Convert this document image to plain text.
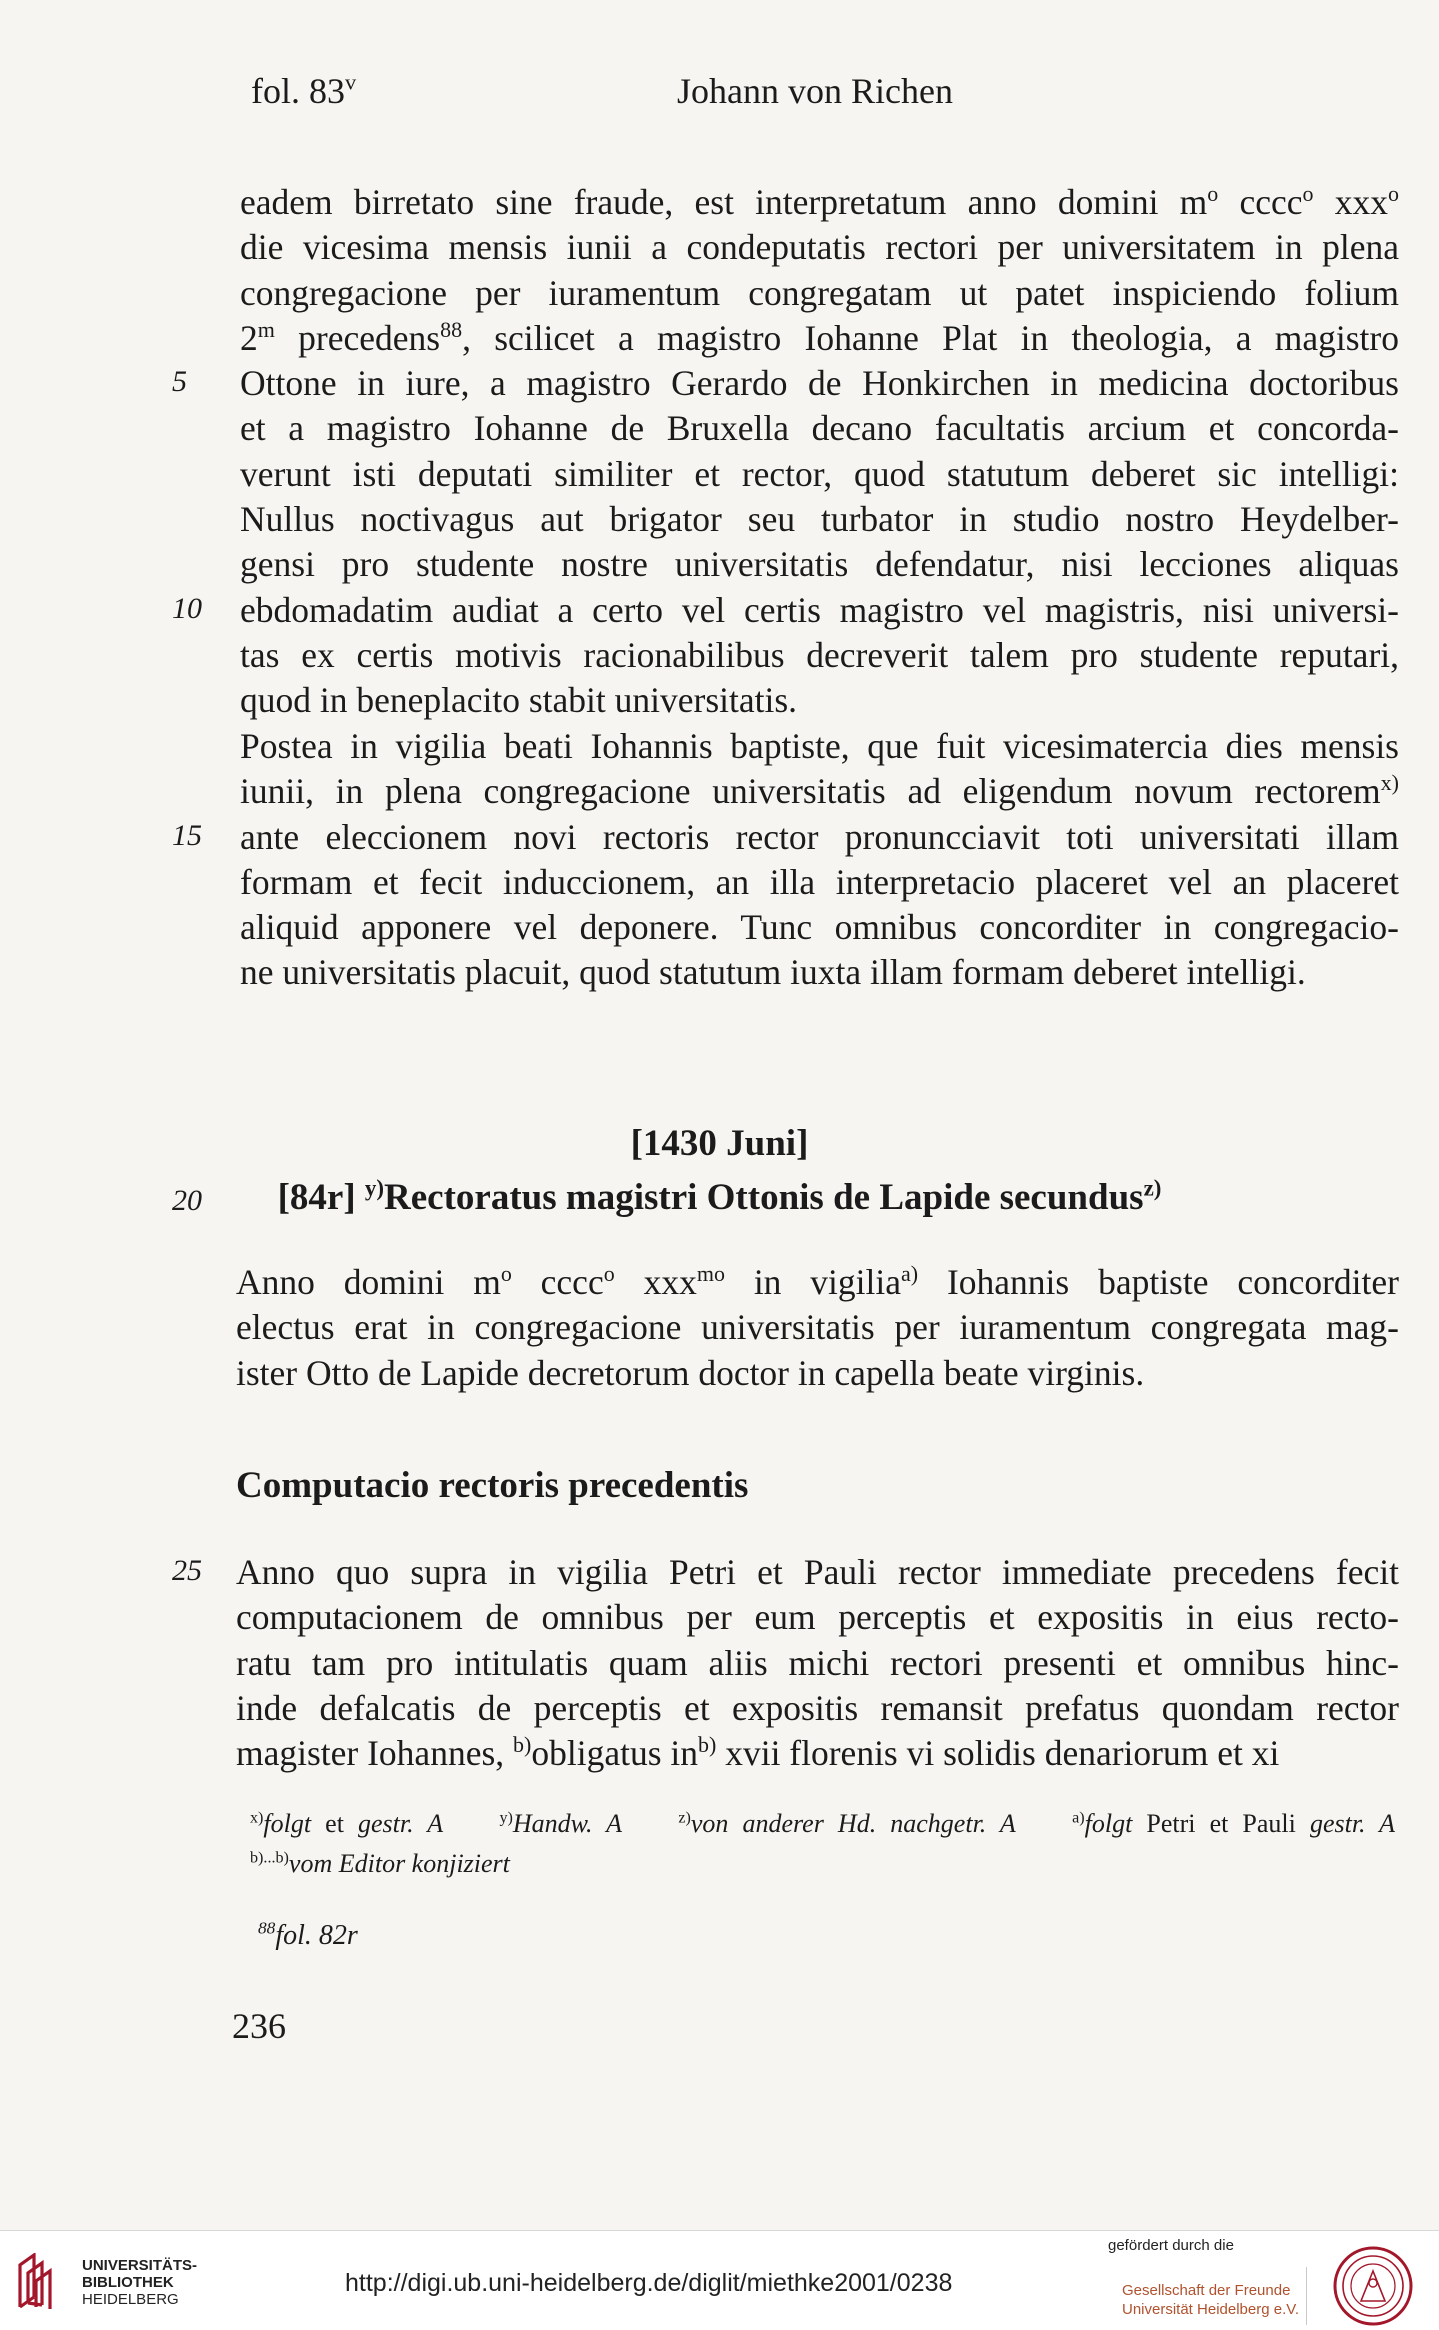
fol. 83$^v$	Johann von Richen
eadem birretato sine fraude, est interpretatum anno domini $m^o$ cccc$^o$ xxx$^o$
die vicesima mensis iunii a condeputatis rectori per universitatem in plena
congregacione per iuramentum congregatam ut patet inspiciendo folium
2$^m$ precedens$^{88}$, scilicet a magistro Iohanne Plat in theologia, a magistro
Ottone in iure, a magistro Gerardo de Honkirchen in medicina doctoribus
et a magistro Iohanne de Bruxella decano facultatis arcium et concorda-
verunt isti deputati similiter et rector, quod statutum deberet sic intelligi:
Nullus noctivagus aut brigator seu turbator in studio nostro Heydelber-
gensi pro studente nostre universitatis defendatur, nisi lecciones aliquas
ebdomadatim audiat a certo vel certis magistro vel magistris, nisi universi-
tas ex certis motivis racionabilibus decreverit talem pro studente reputari,
quod in beneplacito stabit universitatis.
Postea in vigilia beati Iohannis baptiste, que fuit vicesimatercia dies mensis
iunii, in plena congregacione universitatis ad eligendum novum rectorem$^{x)}$
ante eleccionem novi rectoris rector pronuncciavit toti universitati illam
formam et fecit induccionem, an illa interpretacio placeret vel an placeret
aliquid apponere vel deponere. Tunc omnibus concorditer in congregacio-
ne universitatis placuit, quod statutum iuxta illam formam deberet intelligi.
[1430 Juni]
20	[84r] $^{y)}$Rectoratus magistri Ottonis de Lapide secundus$^{z)}$
Anno domini $m^o$ cccc$^o$ xxx$^{mo}$ in vigilia$^{a)}$ Iohannis baptiste concorditer
electus erat in congregacione universitatis per iuramentum congregata mag-
ister Otto de Lapide decretorum doctor in capella beate virginis.
Computacio rectoris precedentis
Anno quo supra in vigilia Petri et Pauli rector immediate precedens fecit
computacionem de omnibus per eum perceptis et expositis in eius recto-
ratu tam pro intitulatis quam aliis michi rectori presenti et omnibus hinc-
inde defalcatis de perceptis et expositis remansit prefatus quondam rector
magister Iohannes, $^{b)}$obligatus $in^{b)}$ xvii florenis vi solidis denariorum et xi
$^{x)}$folgt et gestr. A	$^{y)}$Handw. A	$^{z)}$von anderer Hd. nachgetr. A	$^{a)}$folgt Petri et Pauli gestr. A
$^{b)...b)}$vom Editor konjiziert
$^{88}$fol. 82r
236
5
10
15
25
UNIVERSITÄTS-
BIBLIOTHEK
HEIDELBERG
http://digi.ub.uni-heidelberg.de/diglit/miethke2001/0238
gefördert durch die
Gesellschaft der Freunde
Universität Heidelberg e.V.
